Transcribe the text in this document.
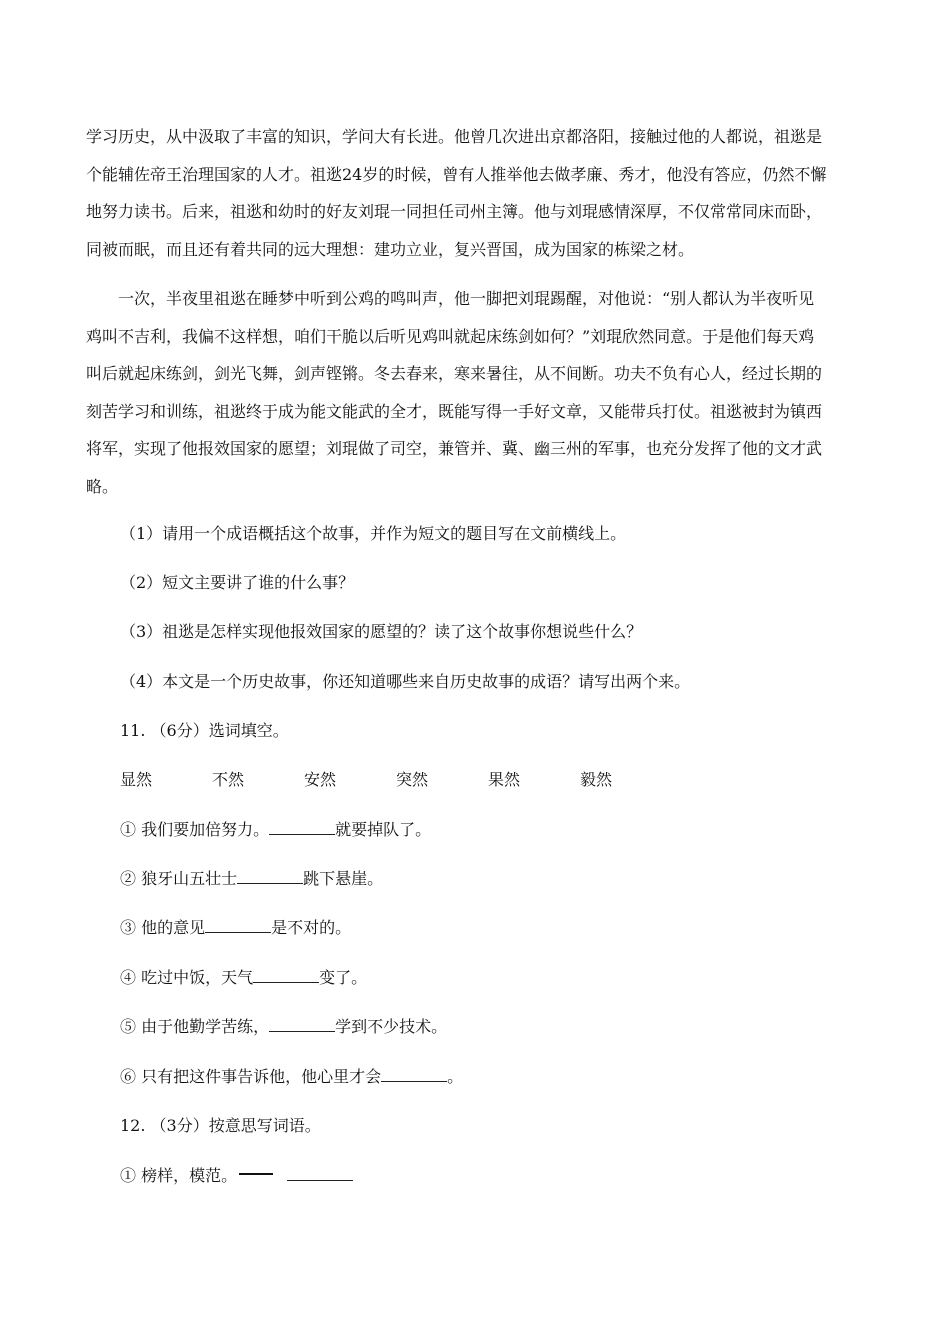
学习历史，从中汲取了丰富的知识，学问大有长进。他曾几次进出京都洛阳，接触过他的人都说，祖逖是
个能辅佐帝王治理国家的人才。祖逖24岁的时候，曾有人推举他去做孝廉、秀才，他没有答应，仍然不懈
地努力读书。后来，祖逖和幼时的好友刘琨一同担任司州主簿。他与刘琨感情深厚，不仅常常同床而卧，
同被而眠，而且还有着共同的远大理想：建功立业，复兴晋国，成为国家的栋梁之材。
　　一次，半夜里祖逖在睡梦中听到公鸡的鸣叫声，他一脚把刘琨踢醒，对他说：“别人都认为半夜听见
鸡叫不吉利，我偏不这样想，咱们干脆以后听见鸡叫就起床练剑如何？”刘琨欣然同意。于是他们每天鸡
叫后就起床练剑，剑光飞舞，剑声铿锵。冬去春来，寒来暑往，从不间断。功夫不负有心人，经过长期的
刻苦学习和训练，祖逖终于成为能文能武的全才，既能写得一手好文章，又能带兵打仗。祖逖被封为镇西
将军，实现了他报效国家的愿望；刘琨做了司空，兼管并、冀、幽三州的军事，也充分发挥了他的文才武
略。

（1）请用一个成语概括这个故事，并作为短文的题目写在文前横线上。

（2）短文主要讲了谁的什么事？

（3）祖逖是怎样实现他报效国家的愿望的？读了这个故事你想说些什么？

（4）本文是一个历史故事，你还知道哪些来自历史故事的成语？请写出两个来。

11. （6分）选词填空。

显然	不然	安然	突然	果然	毅然

① 我们要加倍努力。	就要掉队了。

② 狼牙山五壮士	跳下悬崖。

③ 他的意见	是不对的。

④ 吃过中饭，天气	变了。

⑤ 由于他勤学苦练，	学到不少技术。

⑥ 只有把这件事告诉他，他心里才会	。

12. （3分）按意思写词语。

① 榜样，模范。
